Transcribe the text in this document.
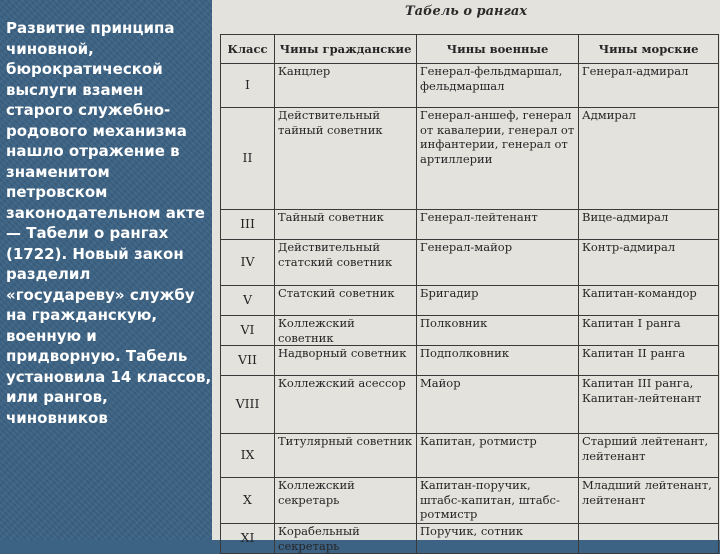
Развитие принципа чиновной, бюрократической выслуги взамен старого служебно-родового механизма нашло отражение в знаменитом петровском законодательном акте — Табели о рангах (1722). Новый закон разделил «государеву» службу на гражданскую, военную и придворную. Табель установила 14 классов, или рангов, чиновников
Табель о рангах
Класс	Чины гражданские	Чины военные	Чины морские
I	Канцлер	Генерал-фельдмаршал, фельдмаршал	Генерал-адмирал
II	Действительный тайный советник	Генерал-аншеф, генерал от кавалерии, генерал от инфантерии, генерал от артиллерии	Адмирал
III	Тайный советник	Генерал-лейтенант	Вице-адмирал
IV	Действительный статский советник	Генерал-майор	Контр-адмирал
V	Статский советник	Бригадир	Капитан-командор
VI	Коллежский советник	Полковник	Капитан I ранга
VII	Надворный советник	Подполковник	Капитан II ранга
VIII	Коллежский асессор	Майор	Капитан III ранга, Капитан-лейтенант
IX	Титулярный советник	Капитан, ротмистр	Старший лейтенант, лейтенант
X	Коллежский секретарь	Капитан-поручик, штабс-капитан, штабс-ротмистр	Младший лейтенант, лейтенант
XI	Корабельный секретарь	Поручик, сотник	
